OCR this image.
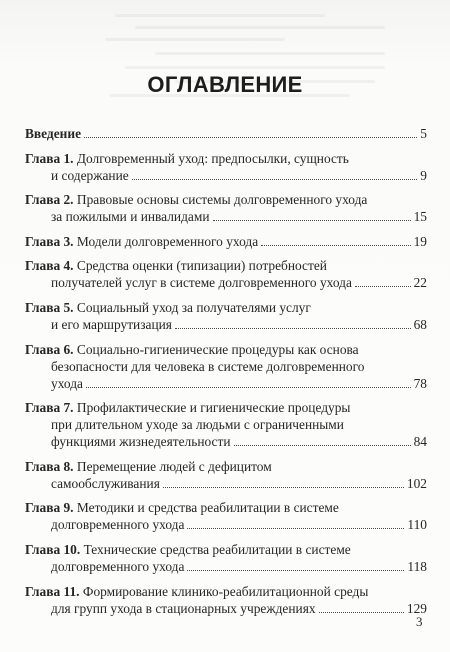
ОГЛАВЛЕНИЕ
Введение	5
Глава 1. Долговременный уход: предпосылки, сущность
и содержание	9
Глава 2. Правовые основы системы долговременного ухода
за пожилыми и инвалидами	15
Глава 3. Модели долговременного ухода	19
Глава 4. Средства оценки (типизации) потребностей
получателей услуг в системе долговременного ухода	22
Глава 5. Социальный уход за получателями услуг
и его маршрутизация	68
Глава 6. Социально-гигиенические процедуры как основа
безопасности для человека в системе долговременного
ухода	78
Глава 7. Профилактические и гигиенические процедуры
при длительном уходе за людьми с ограниченными
функциями жизнедеятельности	84
Глава 8. Перемещение людей с дефицитом
самообслуживания	102
Глава 9. Методики и средства реабилитации в системе
долговременного ухода	110
Глава 10. Технические средства реабилитации в системе
долговременного ухода	118
Глава 11. Формирование клинико-реабилитационной среды
для групп ухода в стационарных учреждениях	129
3
